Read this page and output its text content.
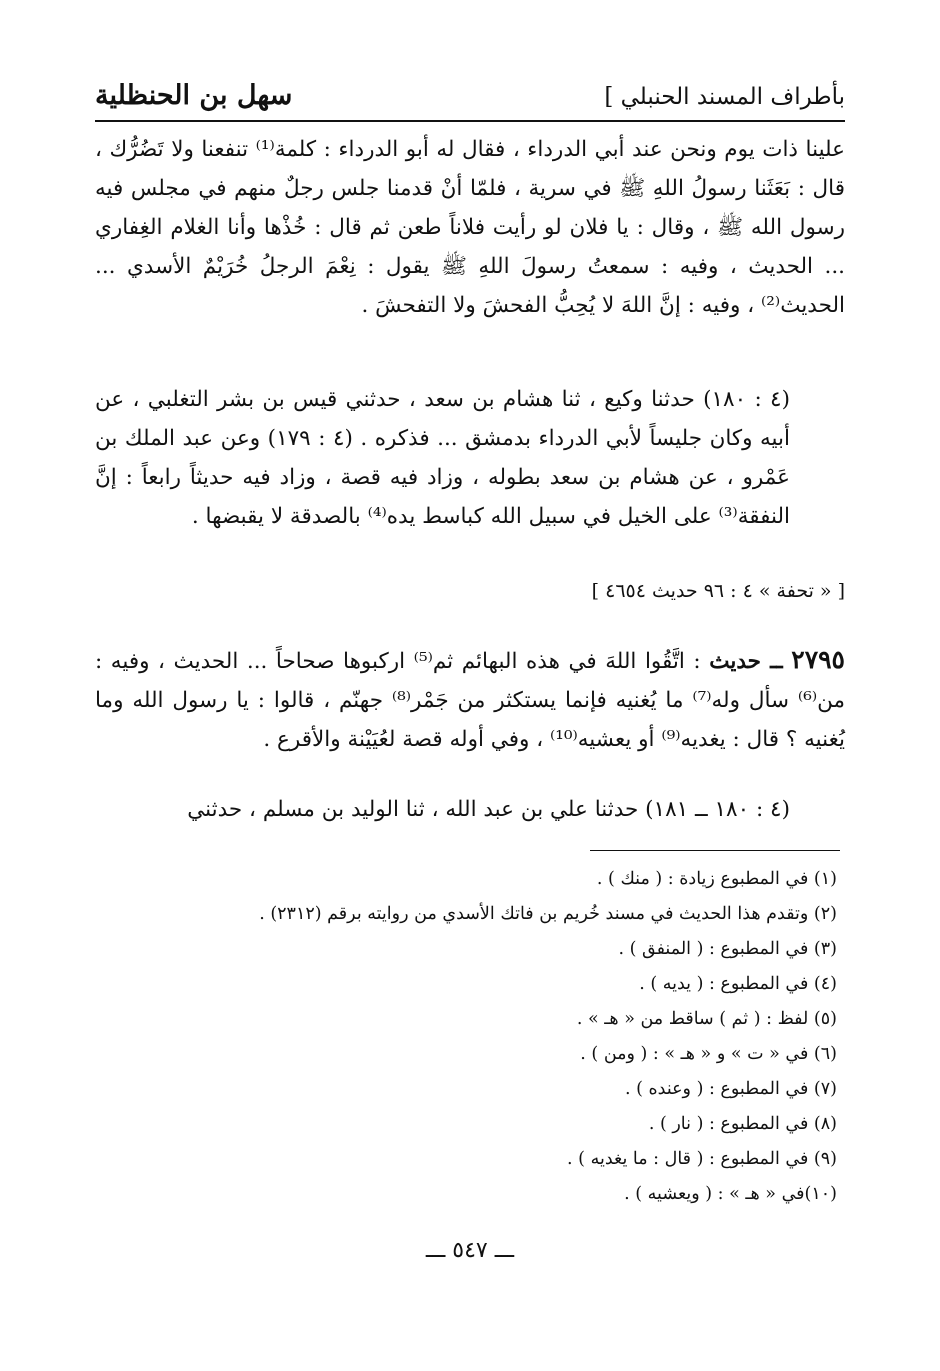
سهل بن الحنظلية	بأطراف المسند الحنبلي ]

علينا ذات يوم ونحن عند أبي الدرداء ، فقال له أبو الدرداء : كلمة⁽¹⁾ تنفعنا ولا تَضُرُّك ، قال : بَعَثَنا رسولُ اللهِ ﷺ في سرية ، فلمّا أنْ قدمنا جلس رجلٌ منهم في مجلس فيه رسول الله ﷺ ، وقال : يا فلان لو رأيت فلاناً طعن ثم قال : خُذْها وأنا الغلام الغِفاري ... الحديث ، وفيه : سمعتُ رسولَ اللهِ ﷺ يقول : نِعْمَ الرجلُ خُرَيْمٌ الأسدي ... الحديث⁽²⁾ ، وفيه : إنَّ اللهَ لا يُحِبُّ الفحشَ ولا التفحشَ .

(٤ : ١٨٠) حدثنا وكيع ، ثنا هشام بن سعد ، حدثني قيس بن بشر التغلبي ، عن أبيه وكان جليساً لأبي الدرداء بدمشق ... فذكره . (٤ : ١٧٩) وعن عبد الملك بن عَمْرو ، عن هشام بن سعد بطوله ، وزاد فيه قصة ، وزاد فيه حديثاً رابعاً : إنَّ النفقة⁽³⁾ على الخيل في سبيل الله كباسط يده⁽⁴⁾ بالصدقة لا يقبضها .

[ « تحفة » ٤ : ٩٦ حديث ٤٦٥٤ ]

٢٧٩٥ ــ حديث : اتَّقُوا اللهَ في هذه البهائم ثم⁽⁵⁾ اركبوها صحاحاً ... الحديث ، وفيه : من⁽⁶⁾ سأل وله⁽⁷⁾ ما يُغنيه فإنما يستكثر من جَمْر⁽⁸⁾ جهنّم ، قالوا : يا رسول الله وما يُغنيه ؟ قال : يغديه⁽⁹⁾ أو يعشيه⁽¹⁰⁾ ، وفي أوله قصة لعُيَيْنة والأقرع .

(٤ : ١٨٠ ــ ١٨١) حدثنا علي بن عبد الله ، ثنا الوليد بن مسلم ، حدثني

(١) في المطبوع زيادة : ( منك ) .
(٢) وتقدم هذا الحديث في مسند خُريم بن فاتك الأسدي من روايته برقم (٢٣١٢) .
(٣) في المطبوع : ( المنفق ) .
(٤) في المطبوع : ( يديه ) .
(٥) لفظ : ( ثم ) ساقط من « هـ » .
(٦) في « ت » و « هـ » : ( ومن ) .
(٧) في المطبوع : ( وعنده ) .
(٨) في المطبوع : ( نار ) .
(٩) في المطبوع : ( قال : ما يغديه ) .
(١٠)في « هـ » : ( ويعشيه ) .
ـــ ٥٤٧ ـــ
